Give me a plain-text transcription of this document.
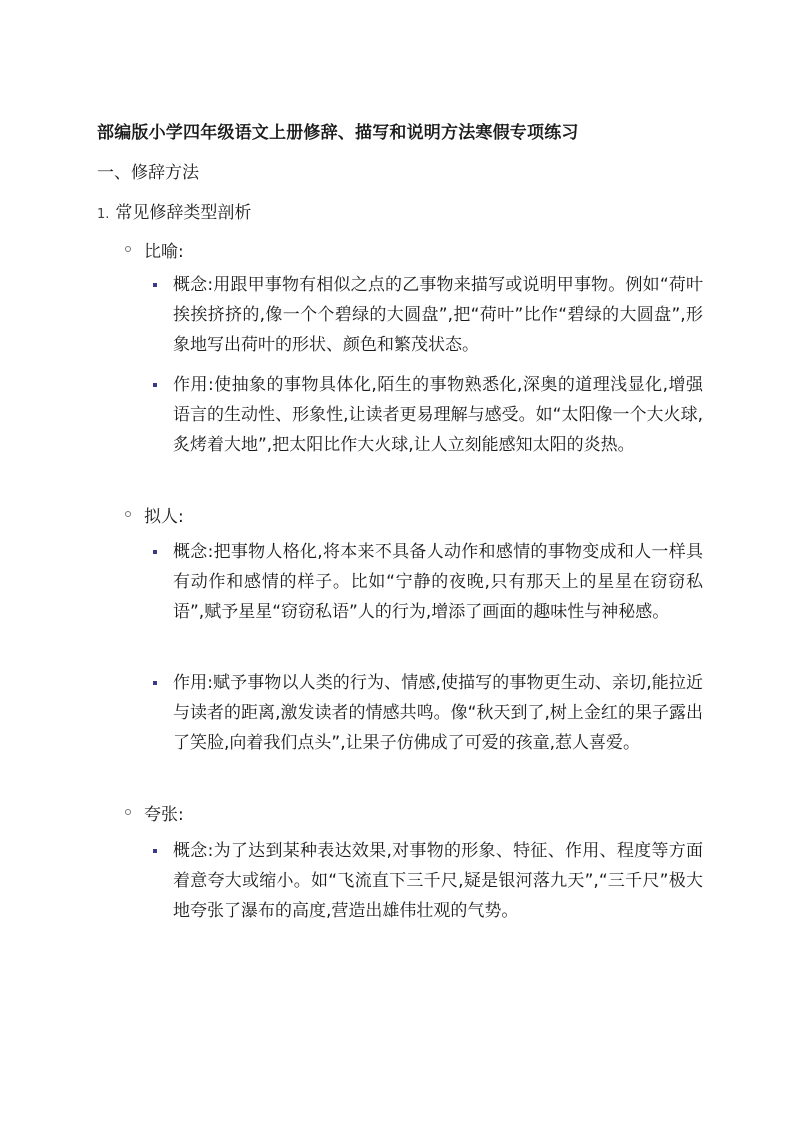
部编版小学四年级语文上册修辞、描写和说明方法寒假专项练习
一、修辞方法
1. 常见修辞类型剖析
比喻:
概念:用跟甲事物有相似之点的乙事物来描写或说明甲事物。例如“荷叶挨挨挤挤的,像一个个碧绿的大圆盘”,把“荷叶”比作“碧绿的大圆盘”,形象地写出荷叶的形状、颜色和繁茂状态。
作用:使抽象的事物具体化,陌生的事物熟悉化,深奥的道理浅显化,增强语言的生动性、形象性,让读者更易理解与感受。如“太阳像一个大火球,炙烤着大地”,把太阳比作大火球,让人立刻能感知太阳的炎热。
拟人:
概念:把事物人格化,将本来不具备人动作和感情的事物变成和人一样具有动作和感情的样子。比如“宁静的夜晚,只有那天上的星星在窃窃私语”,赋予星星“窃窃私语”人的行为,增添了画面的趣味性与神秘感。
作用:赋予事物以人类的行为、情感,使描写的事物更生动、亲切,能拉近与读者的距离,激发读者的情感共鸣。像“秋天到了,树上金红的果子露出了笑脸,向着我们点头”,让果子仿佛成了可爱的孩童,惹人喜爱。
夸张:
概念:为了达到某种表达效果,对事物的形象、特征、作用、程度等方面着意夸大或缩小。如“飞流直下三千尺,疑是银河落九天”,“三千尺”极大地夸张了瀑布的高度,营造出雄伟壮观的气势。
